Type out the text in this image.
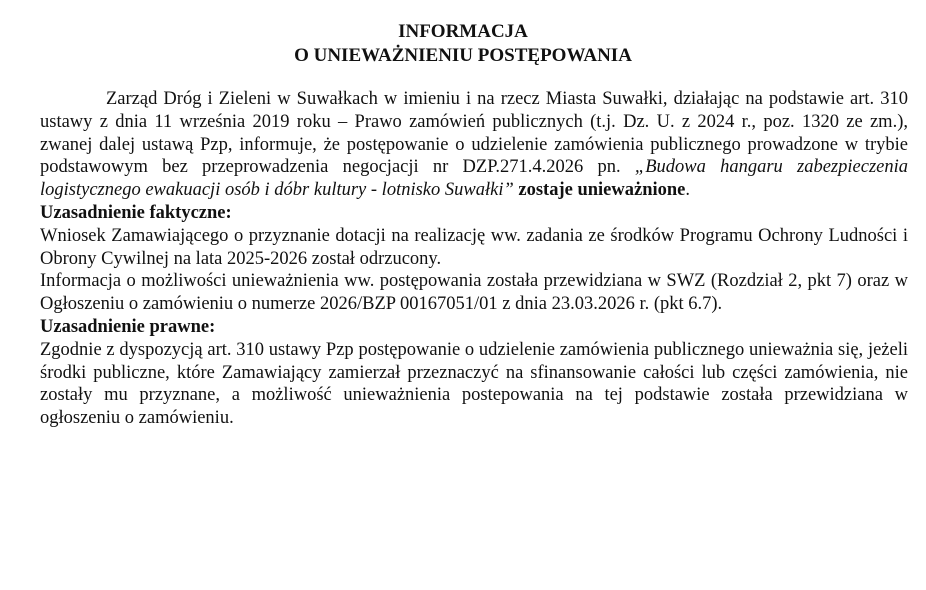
INFORMACJA
O UNIEWAŻNIENIU POSTĘPOWANIA

Zarząd Dróg i Zieleni w Suwałkach w imieniu i na rzecz Miasta Suwałki, działając na podstawie art. 310 ustawy z dnia 11 września 2019 roku – Prawo zamówień publicznych (t.j. Dz. U. z 2024 r., poz. 1320 ze zm.), zwanej dalej ustawą Pzp, informuje, że postępowanie o udzielenie zamówienia publicznego prowadzone w trybie podstawowym bez przeprowadzenia negocjacji nr DZP.271.4.2026 pn. „Budowa hangaru zabezpieczenia logistycznego ewakuacji osób i dóbr kultury - lotnisko Suwałki” zostaje unieważnione.

Uzasadnienie faktyczne:

Wniosek Zamawiającego o przyznanie dotacji na realizację ww. zadania ze środków Programu Ochrony Ludności i Obrony Cywilnej na lata 2025-2026 został odrzucony.

Informacja o możliwości unieważnienia ww. postępowania została przewidziana w SWZ (Rozdział 2, pkt 7) oraz w Ogłoszeniu o zamówieniu o numerze 2026/BZP 00167051/01 z dnia 23.03.2026 r. (pkt 6.7).

Uzasadnienie prawne:

Zgodnie z dyspozycją art. 310 ustawy Pzp postępowanie o udzielenie zamówienia publicznego unieważnia się, jeżeli środki publiczne, które Zamawiający zamierzał przeznaczyć na sfinansowanie całości lub części zamówienia, nie zostały mu przyznane, a możliwość unieważnienia postepowania na tej podstawie została przewidziana w ogłoszeniu o zamówieniu.
